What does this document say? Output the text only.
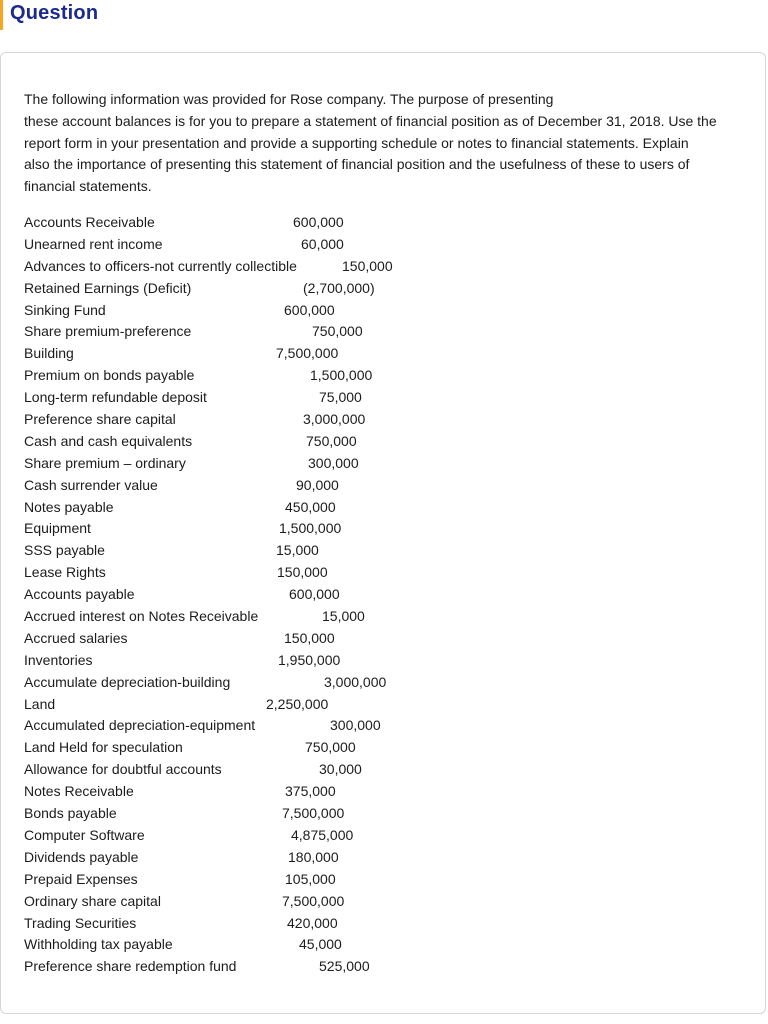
Question
The following information was provided for Rose company. The purpose of presenting
these account balances is for you to prepare a statement of financial position as of December 31, 2018. Use the
report form in your presentation and provide a supporting schedule or notes to financial statements. Explain
also the importance of presenting this statement of financial position and the usefulness of these to users of
financial statements.
Accounts Receivable	600,000
Unearned rent income	60,000
Advances to officers-not currently collectible	150,000
Retained Earnings (Deficit)	(2,700,000)
Sinking Fund	600,000
Share premium-preference	750,000
Building	7,500,000
Premium on bonds payable	1,500,000
Long-term refundable deposit	75,000
Preference share capital	3,000,000
Cash and cash equivalents	750,000
Share premium – ordinary	300,000
Cash surrender value	90,000
Notes payable	450,000
Equipment	1,500,000
SSS payable	15,000
Lease Rights	150,000
Accounts payable	600,000
Accrued interest on Notes Receivable	15,000
Accrued salaries	150,000
Inventories	1,950,000
Accumulate depreciation-building	3,000,000
Land	2,250,000
Accumulated depreciation-equipment	300,000
Land Held for speculation	750,000
Allowance for doubtful accounts	30,000
Notes Receivable	375,000
Bonds payable	7,500,000
Computer Software	4,875,000
Dividends payable	180,000
Prepaid Expenses	105,000
Ordinary share capital	7,500,000
Trading Securities	420,000
Withholding tax payable	45,000
Preference share redemption fund	525,000
